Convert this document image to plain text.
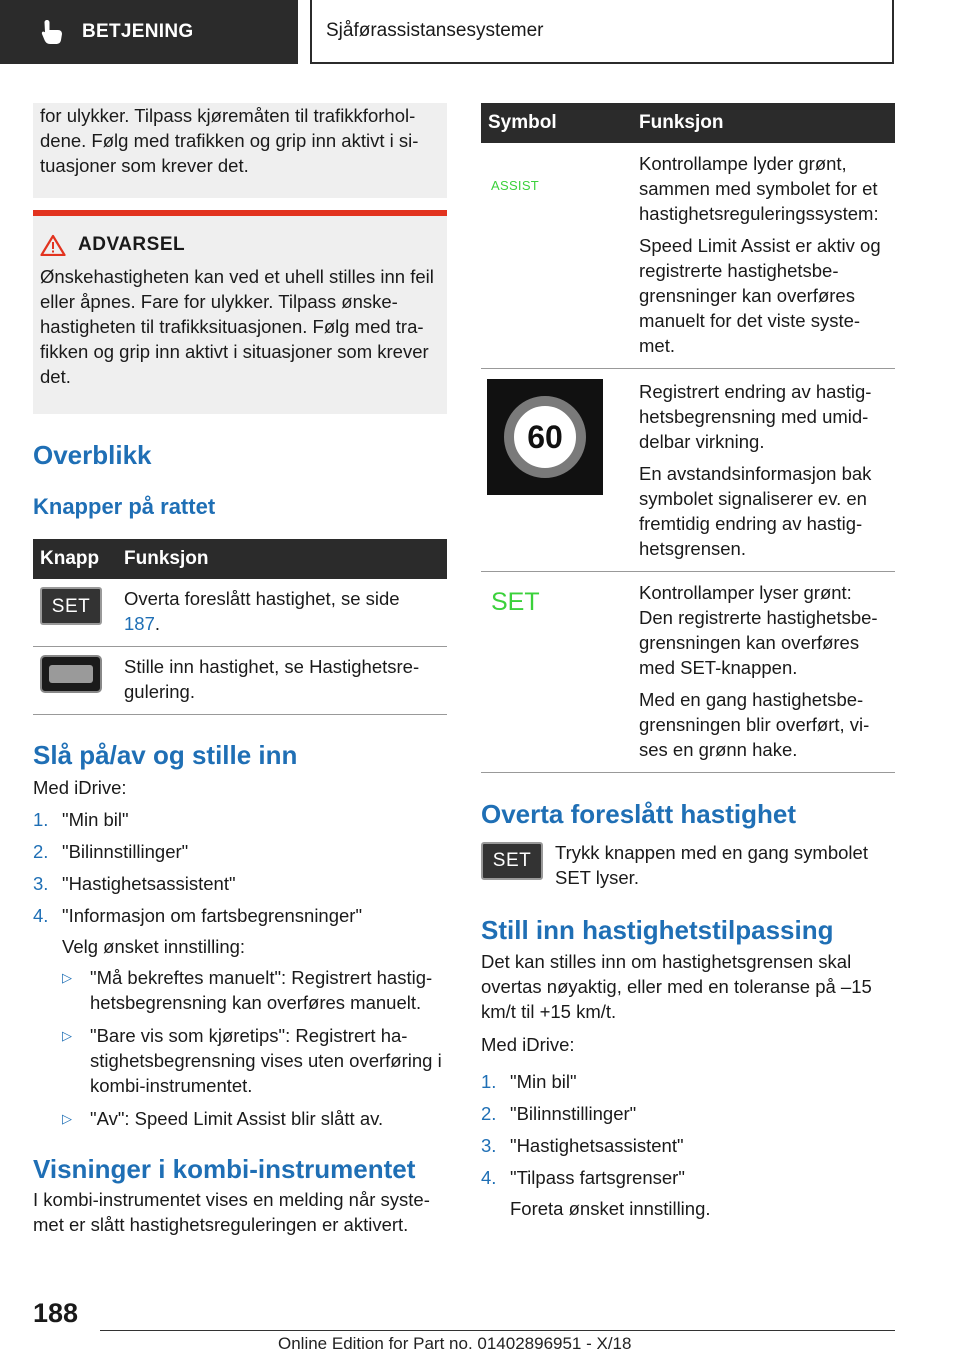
BETJENING	Sjåførassistansesystemer

for ulykker. Tilpass kjøremåten til trafikkforhol-dene. Følg med trafikken og grip inn aktivt i si-tuasjoner som krever det.

ADVARSEL

Ønskehastigheten kan ved et uhell stilles inn feil eller åpnes. Fare for ulykker. Tilpass ønske-hastigheten til trafikksituasjonen. Følg med tra-fikken og grip inn aktivt i situasjoner som krever det.

Overblikk
Knapper på rattet
Knapp	Funksjon

SET	Overta foreslått hastighet, se side 187.

	Stille inn hastighet, se Hastighetsre-gulering.
Slå på/av og stille inn

Med iDrive:

1. "Min bil"
2. "Bilinnstillinger"
3. "Hastighetsassistent"
4. "Informasjon om fartsbegrensninger"
Velg ønsket innstilling:
▷ "Må bekreftes manuelt": Registrert hastig-hetsbegrensning kan overføres manuelt.
▷ "Bare vis som kjøretips": Registrert ha-stighetsbegrensning vises uten overføring i kombi-instrumentet.
▷ "Av": Speed Limit Assist blir slått av.
Visninger i kombi-instrumentet

I kombi-instrumentet vises en melding når syste-met er slått hastighetsreguleringen er aktivert.

Symbol	Funksjon
ASSIST	Kontrollampe lyder grønt, sammen med symbolet for et hastighetsreguleringssystem:
Speed Limit Assist er aktiv og registrerte hastighetsbe-grensninger kan overføres manuelt for det viste syste-met.

60	Registrert endring av hastig-hetsbegrensning med umid-delbar virkning.
En avstandsinformasjon bak symbolet signaliserer ev. en fremtidig endring av hastig-hetsgrensen.

SET	Kontrollamper lyser grønt: Den registrerte hastighetsbe-grensningen kan overføres med SET-knappen.
Med en gang hastighetsbe-grensningen blir overført, vi-ses en grønn hake.
Overta foreslått hastighet
SET Trykk knappen med en gang symbolet SET lyser.

Still inn hastighetstilpassing

Det kan stilles inn om hastighetsgrensen skal overtas nøyaktig, eller med en toleranse på –15 km/t til +15 km/t.

Med iDrive:

1. "Min bil"
2. "Bilinnstillinger"
3. "Hastighetsassistent"
4. "Tilpass fartsgrenser"
Foreta ønsket innstilling.
188
Online Edition for Part no. 01402896951 - X/18
